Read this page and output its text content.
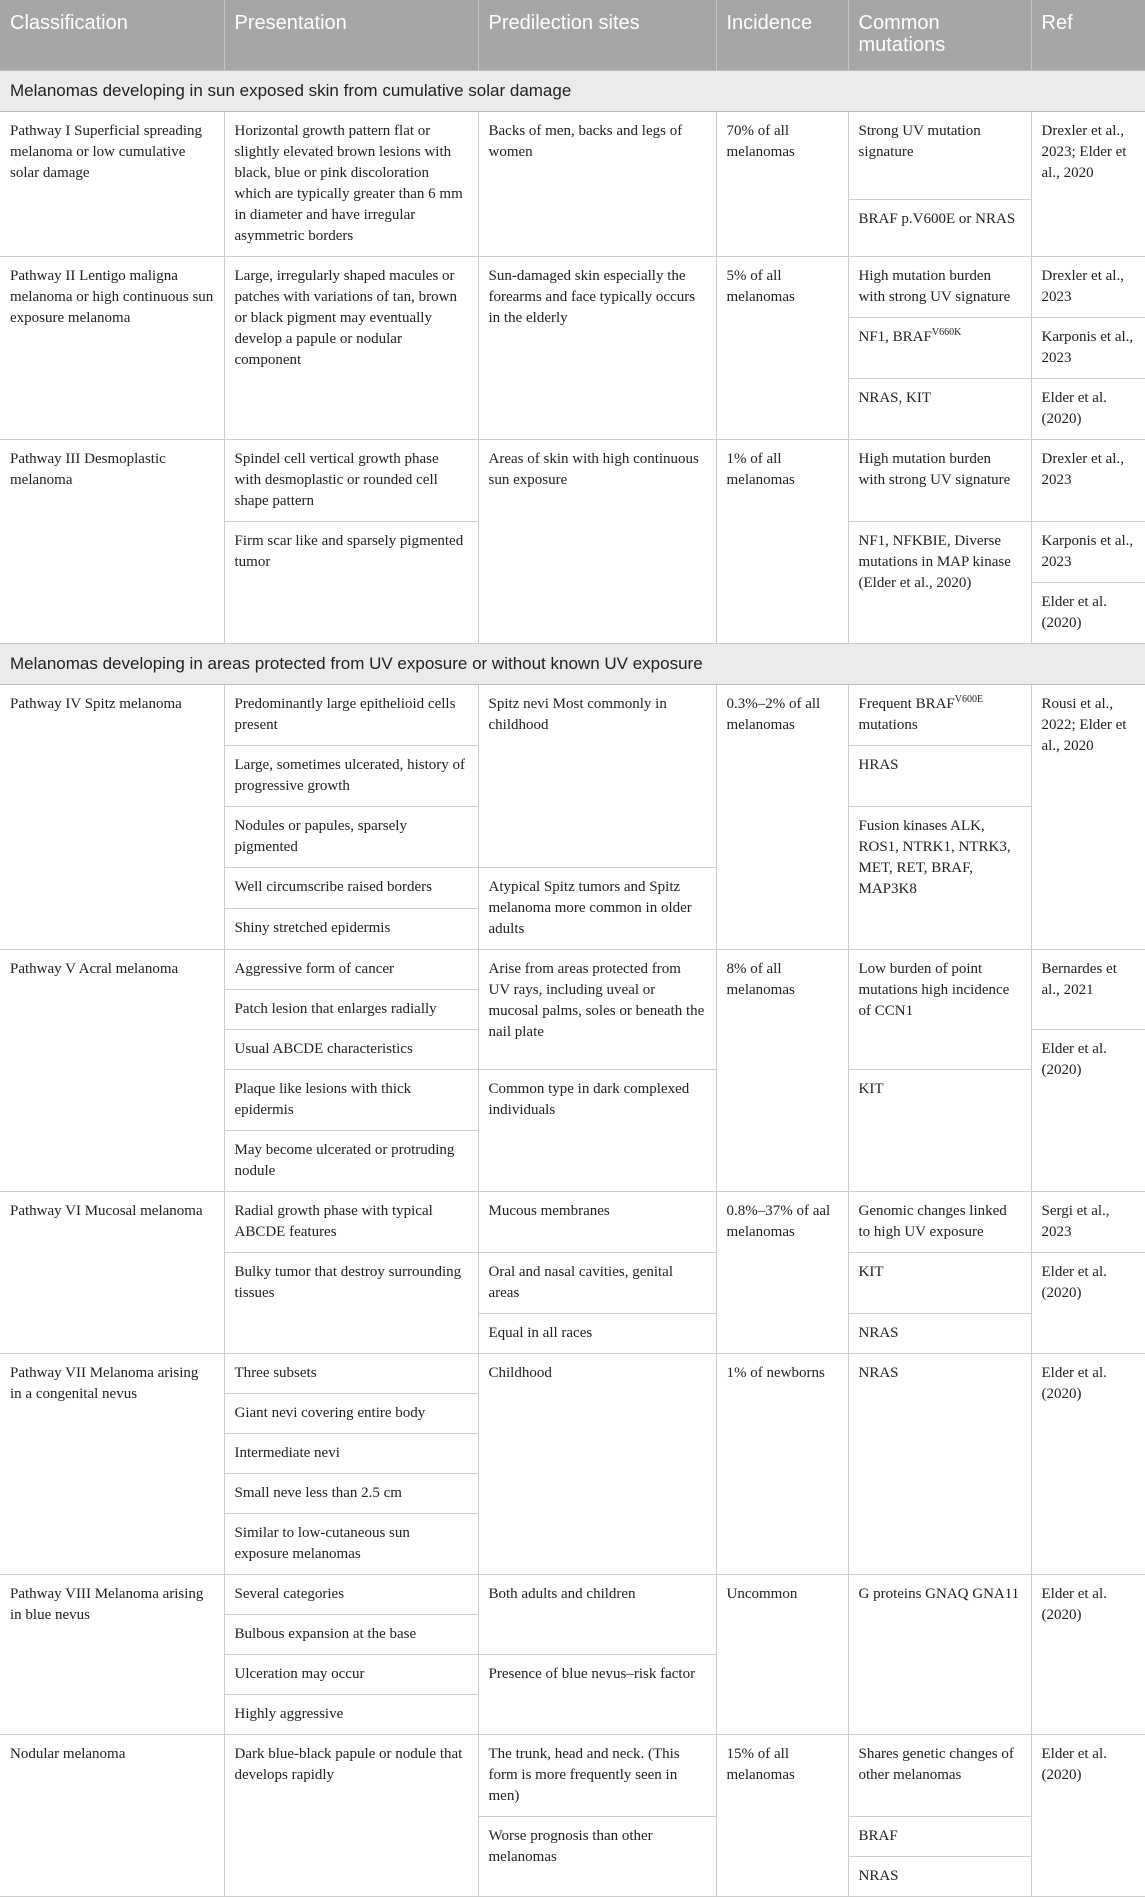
Classification	Presentation	Predilection sites	Incidence	Common mutations	Ref
Melanomas developing in sun exposed skin from cumulative solar damage					
Pathway I Superficial spreading melanoma or low cumulative solar damage	Horizontal growth pattern flat or slightly elevated brown lesions with black, blue or pink discoloration which are typically greater than 6 mm in diameter and have irregular asymmetric borders	Backs of men, backs and legs of women	70% of all melanomas	Strong UV mutation signature	Drexler et al., 2023; Elder et al., 2020
				BRAF p.V600E or NRAS	
Pathway II Lentigo maligna melanoma or high continuous sun exposure melanoma	Large, irregularly shaped macules or patches with variations of tan, brown or black pigment may eventually develop a papule or nodular component	Sun-damaged skin especially the forearms and face typically occurs in the elderly	5% of all melanomas	High mutation burden with strong UV signature	Drexler et al., 2023
				NF1, $BRAF^{V660K}$	Karponis et al., 2023
				NRAS, KIT	Elder et al. (2020)
Pathway III Desmoplastic melanoma	Spindel cell vertical growth phase with desmoplastic or rounded cell shape pattern	Areas of skin with high continuous sun exposure	1% of all melanomas	High mutation burden with strong UV signature	Drexler et al., 2023
	Firm scar like and sparsely pigmented tumor			NF1, NFKBIE, Diverse mutations in MAP kinase (Elder et al., 2020)	Karponis et al., 2023
					Elder et al. (2020)
Melanomas developing in areas protected from UV exposure or without known UV exposure					
Pathway IV Spitz melanoma	Predominantly large epithelioid cells present	Spitz nevi Most commonly in childhood	0.3%–2% of all melanomas	Frequent $BRAF^{V600E}$ mutations	Rousi et al., 2022; Elder et al., 2020
	Large, sometimes ulcerated, history of progressive growth			HRAS	
	Nodules or papules, sparsely pigmented			Fusion kinases ALK, ROS1, NTRK1, NTRK3, MET, RET, BRAF, MAP3K8	
	Well circumscribe raised borders	Atypical Spitz tumors and Spitz melanoma more common in older adults			
	Shiny stretched epidermis				
Pathway V Acral melanoma	Aggressive form of cancer	Arise from areas protected from UV rays, including uveal or mucosal palms, soles or beneath the nail plate	8% of all melanomas	Low burden of point mutations high incidence of CCN1	Bernardes et al., 2021
	Patch lesion that enlarges radially				
	Usual ABCDE characteristics				Elder et al. (2020)
	Plaque like lesions with thick epidermis	Common type in dark complexed individuals		KIT	
	May become ulcerated or protruding nodule				
Pathway VI Mucosal melanoma	Radial growth phase with typical ABCDE features	Mucous membranes	0.8%–37% of aal melanomas	Genomic changes linked to high UV exposure	Sergi et al., 2023
	Bulky tumor that destroy surrounding tissues	Oral and nasal cavities, genital areas		KIT	Elder et al. (2020)
		Equal in all races		NRAS	
Pathway VII Melanoma arising in a congenital nevus	Three subsets	Childhood	1% of newborns	NRAS	Elder et al. (2020)
	Giant nevi covering entire body				
	Intermediate nevi				
	Small neve less than 2.5 cm				
	Similar to low-cutaneous sun exposure melanomas				
Pathway VIII Melanoma arising in blue nevus	Several categories	Both adults and children	Uncommon	G proteins GNAQ GNA11	Elder et al. (2020)
	Bulbous expansion at the base				
	Ulceration may occur	Presence of blue nevus–risk factor			
	Highly aggressive				
Nodular melanoma	Dark blue-black papule or nodule that develops rapidly	The trunk, head and neck. (This form is more frequently seen in men)	15% of all melanomas	Shares genetic changes of other melanomas	Elder et al. (2020)
		Worse prognosis than other melanomas		BRAF	
				NRAS	
